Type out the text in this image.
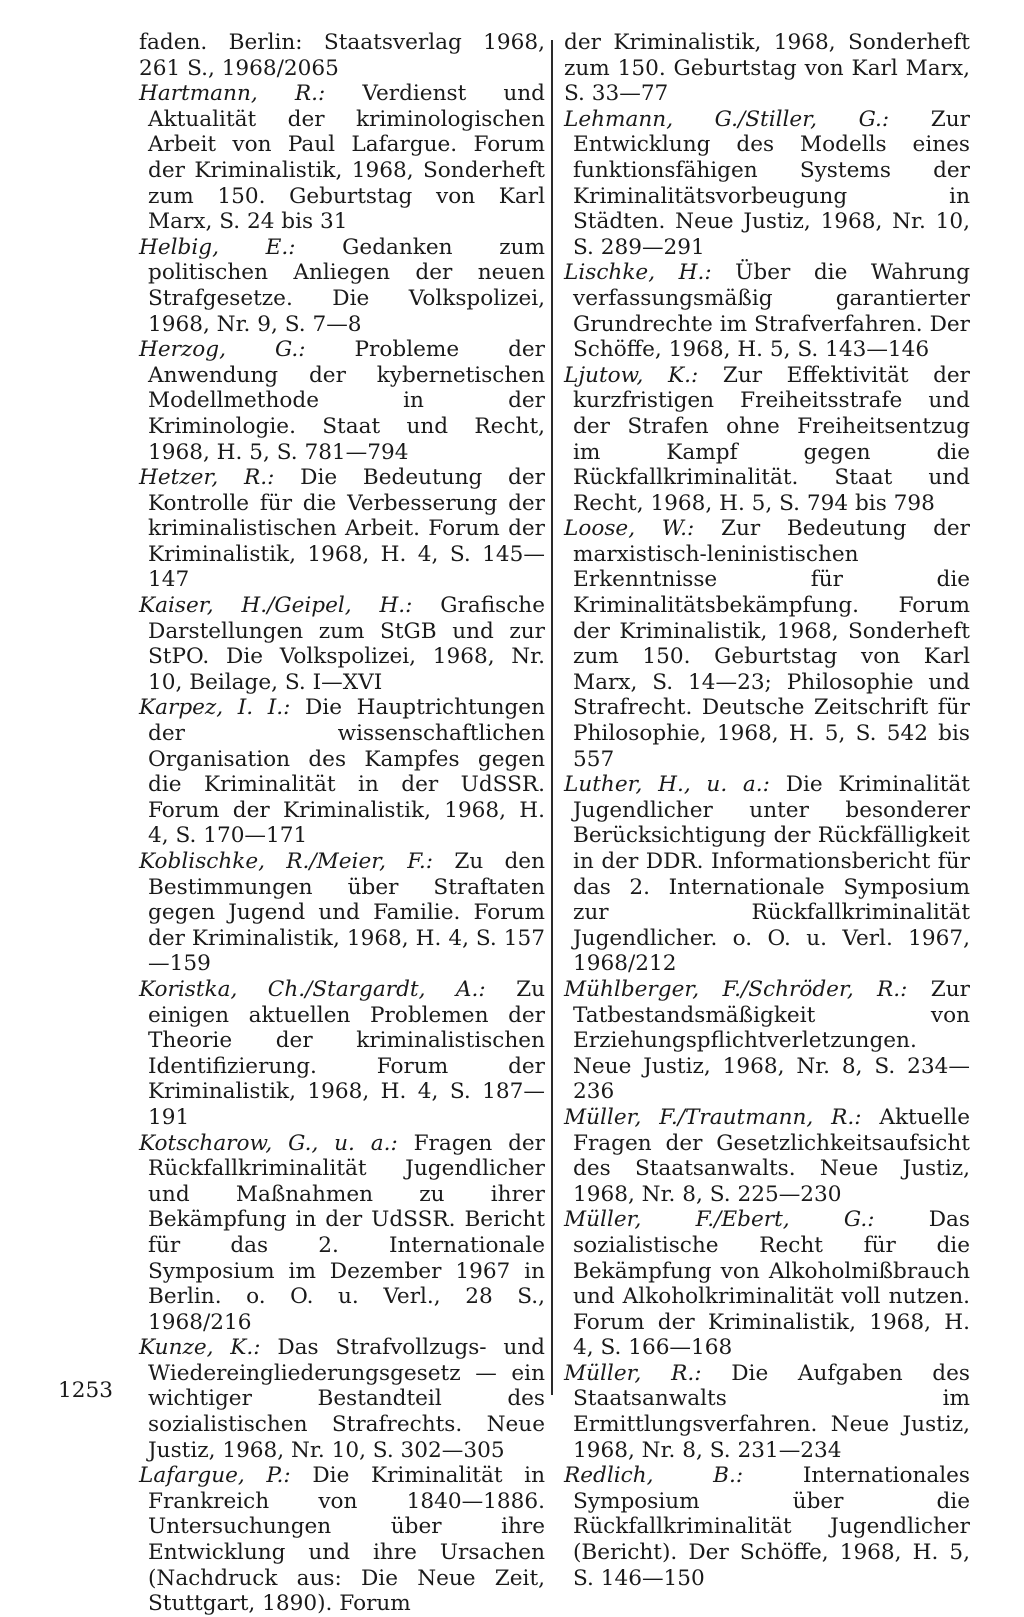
faden. Berlin: Staatsverlag 1968, 261 S., 1968/2065

Hartmann, R.: Verdienst und Aktualität der kriminologischen Arbeit von Paul Lafargue. Forum der Kriminalistik, 1968, Sonderheft zum 150. Geburtstag von Karl Marx, S. 24 bis 31

Helbig, E.: Gedanken zum politischen Anliegen der neuen Strafgesetze. Die Volkspolizei, 1968, Nr. 9, S. 7—8

Herzog, G.: Probleme der Anwendung der kybernetischen Modellmethode in der Kriminologie. Staat und Recht, 1968, H. 5, S. 781—794

Hetzer, R.: Die Bedeutung der Kontrolle für die Verbesserung der kriminalistischen Arbeit. Forum der Kriminalistik, 1968, H. 4, S. 145—147

Kaiser, H./Geipel, H.: Grafische Darstellungen zum StGB und zur StPO. Die Volkspolizei, 1968, Nr. 10, Beilage, S. I—XVI

Karpez, I. I.: Die Hauptrichtungen der wissenschaftlichen Organisation des Kampfes gegen die Kriminalität in der UdSSR. Forum der Kriminalistik, 1968, H. 4, S. 170—171

Koblischke, R./Meier, F.: Zu den Bestimmungen über Straftaten gegen Jugend und Familie. Forum der Kriminalistik, 1968, H. 4, S. 157—159

Koristka, Ch./Stargardt, A.: Zu einigen aktuellen Problemen der Theorie der kriminalistischen Identifizierung. Forum der Kriminalistik, 1968, H. 4, S. 187—191

Kotscharow, G., u. a.: Fragen der Rückfallkriminalität Jugendlicher und Maßnahmen zu ihrer Bekämpfung in der UdSSR. Bericht für das 2. Internationale Symposium im Dezember 1967 in Berlin. o. O. u. Verl., 28 S., 1968/216

Kunze, K.: Das Strafvollzugs- und Wiedereingliederungsgesetz — ein wichtiger Bestandteil des sozialistischen Strafrechts. Neue Justiz, 1968, Nr. 10, S. 302—305

Lafargue, P.: Die Kriminalität in Frankreich von 1840—1886. Untersuchungen über ihre Entwicklung und ihre Ursachen (Nachdruck aus: Die Neue Zeit, Stuttgart, 1890). Forum

der Kriminalistik, 1968, Sonderheft zum 150. Geburtstag von Karl Marx, S. 33—77

Lehmann, G./Stiller, G.: Zur Entwicklung des Modells eines funktionsfähigen Systems der Kriminalitätsvorbeugung in Städten. Neue Justiz, 1968, Nr. 10, S. 289—291

Lischke, H.: Über die Wahrung verfassungsmäßig garantierter Grundrechte im Strafverfahren. Der Schöffe, 1968, H. 5, S. 143—146

Ljutow, K.: Zur Effektivität der kurzfristigen Freiheitsstrafe und der Strafen ohne Freiheitsentzug im Kampf gegen die Rückfallkriminalität. Staat und Recht, 1968, H. 5, S. 794 bis 798

Loose, W.: Zur Bedeutung der marxistisch-leninistischen Erkenntnisse für die Kriminalitätsbekämpfung. Forum der Kriminalistik, 1968, Sonderheft zum 150. Geburtstag von Karl Marx, S. 14—23; Philosophie und Strafrecht. Deutsche Zeitschrift für Philosophie, 1968, H. 5, S. 542 bis 557

Luther, H., u. a.: Die Kriminalität Jugendlicher unter besonderer Berücksichtigung der Rückfälligkeit in der DDR. Informationsbericht für das 2. Internationale Symposium zur Rückfallkriminalität Jugendlicher. o. O. u. Verl. 1967, 1968/212

Mühlberger, F./Schröder, R.: Zur Tatbestandsmäßigkeit von Erziehungspflichtverletzungen. Neue Justiz, 1968, Nr. 8, S. 234—236

Müller, F./Trautmann, R.: Aktuelle Fragen der Gesetzlichkeitsaufsicht des Staatsanwalts. Neue Justiz, 1968, Nr. 8, S. 225—230

Müller, F./Ebert, G.:	Das sozialistische Recht für die Bekämpfung von Alkoholmißbrauch und Alkoholkriminalität voll nutzen. Forum der Kriminalistik, 1968, H. 4, S. 166—168

Müller, R.: Die Aufgaben des Staatsanwalts im Ermittlungsverfahren. Neue Justiz, 1968, Nr. 8, S. 231—234

Redlich, B.:	Internationales Symposium über die Rückfallkriminalität Jugendlicher (Bericht). Der Schöffe, 1968, H. 5, S. 146—150

1253
